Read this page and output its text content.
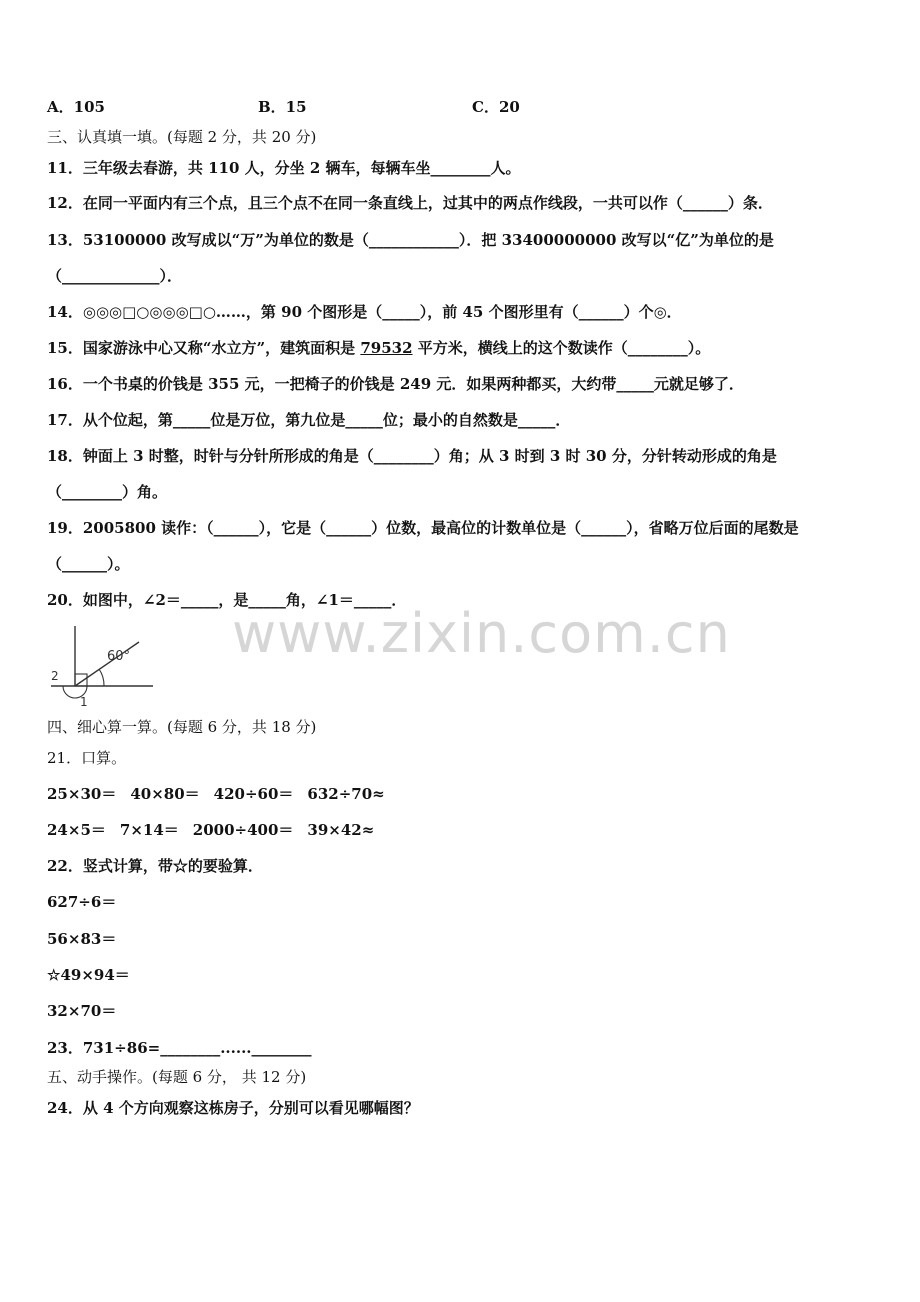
A．105	B．15	C．20
三、认真填一填。(每题 2 分，共 20 分)
11．三年级去春游，共 110 人，分坐 2 辆车，每辆车坐________人。
12．在同一平面内有三个点，且三个点不在同一条直线上，过其中的两点作线段，一共可以作（______）条．
13．53100000 改写成以“万”为单位的数是（____________）．把 33400000000 改写以“亿”为单位的是
（_____________）．
14．◎◎◎□○◎◎◎□○……，第 90 个图形是（_____），前 45 个图形里有（______）个◎．
15．国家游泳中心又称“水立方”，建筑面积是 79532 平方米，横线上的这个数读作（________）。
16．一个书桌的价钱是 355 元，一把椅子的价钱是 249 元．如果两种都买，大约带_____元就足够了．
17．从个位起，第_____位是万位，第九位是_____位；最小的自然数是_____．
18．钟面上 3 时整，时针与分针所形成的角是（________）角；从 3 时到 3 时 30 分，分针转动形成的角是
（________）角。
19．2005800 读作：（______），它是（______）位数，最高位的计数单位是（______），省略万位后面的尾数是
（______）。
20．如图中，∠2＝_____，是_____角，∠1＝_____．
www.zixin.com.cn
60°
2
1
四、细心算一算。(每题 6 分，共 18 分)
21．口算。
25×30＝ 40×80＝ 420÷60＝ 632÷70≈
24×5＝ 7×14＝ 2000÷400＝ 39×42≈
22．竖式计算，带☆的要验算．
627÷6＝
56×83＝
☆49×94＝
32×70＝
23．731÷86=________......________
五、动手操作。(每题 6 分， 共 12 分)
24．从 4 个方向观察这栋房子，分别可以看见哪幅图？
